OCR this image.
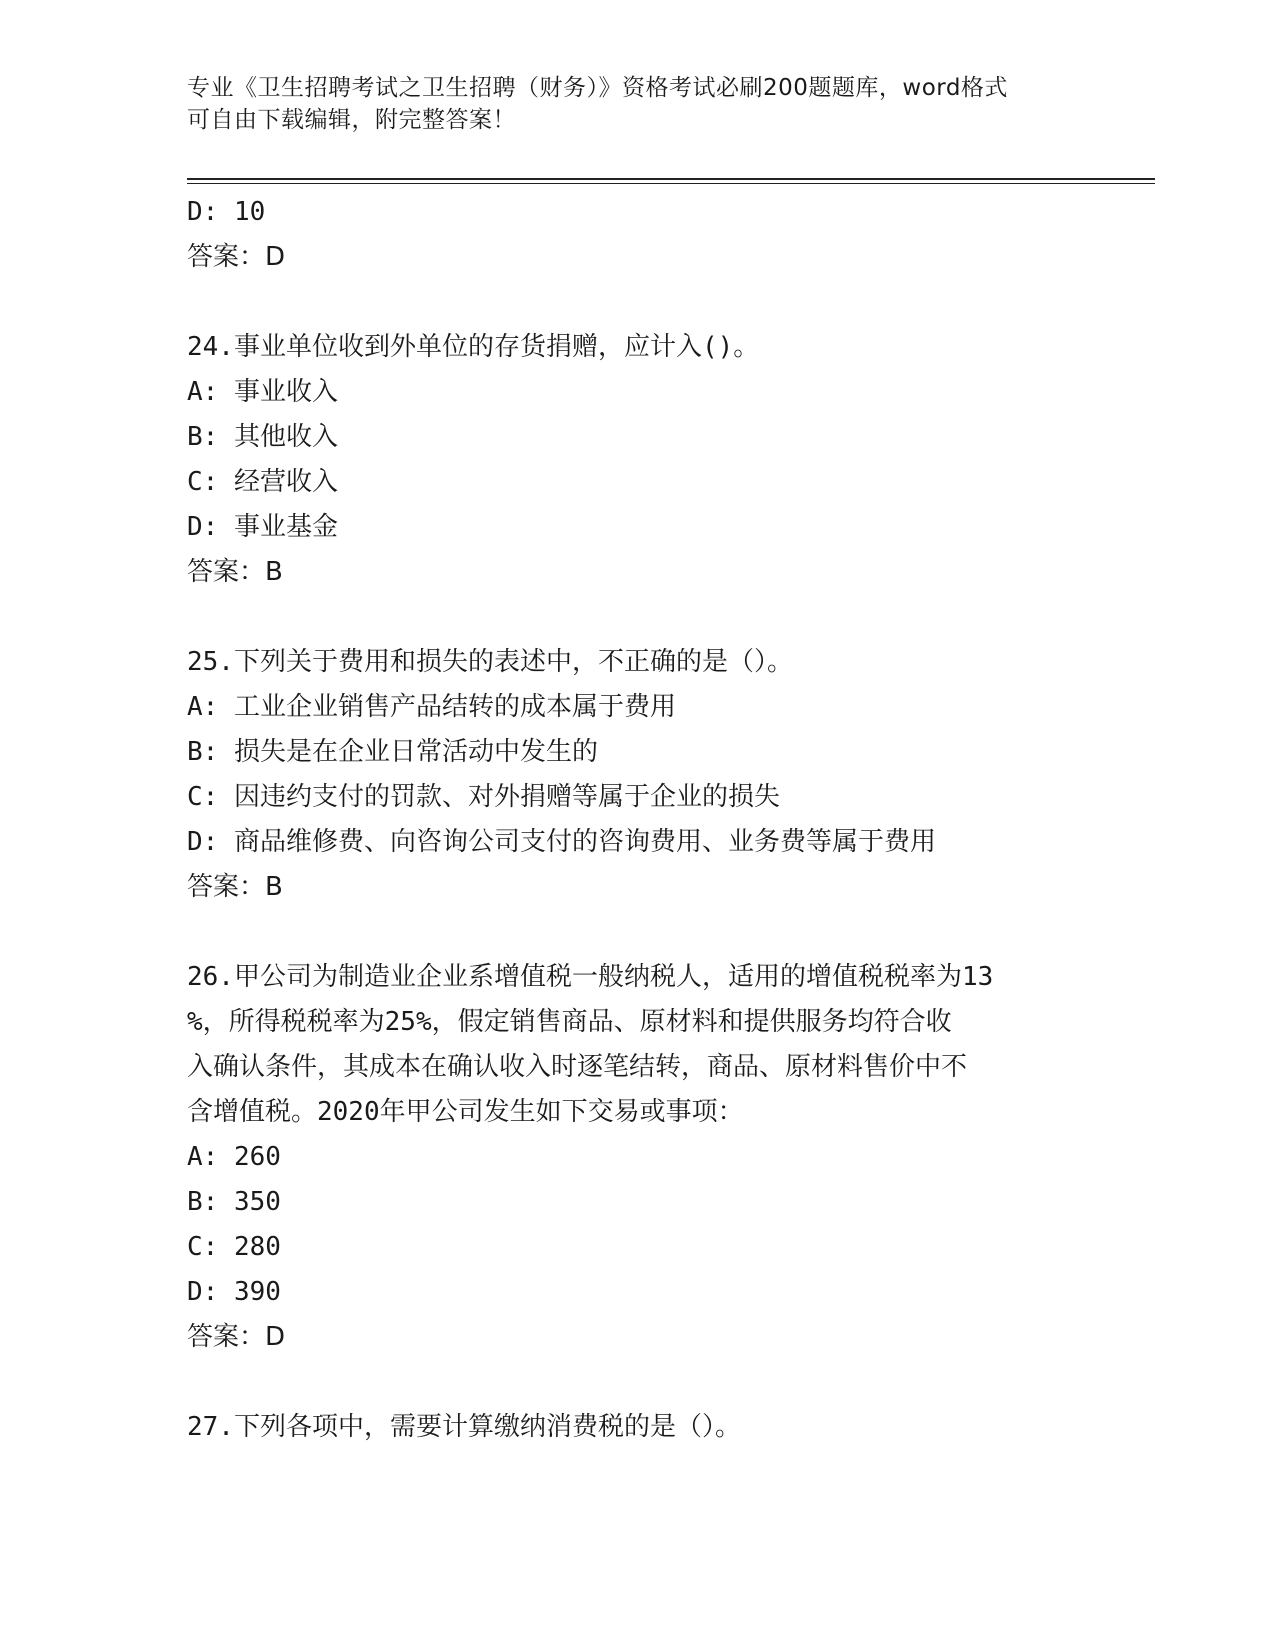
专业《卫生招聘考试之卫生招聘（财务）》资格考试必刷200题题库，word格式
可自由下载编辑，附完整答案！
D: 10
答案：D
24.事业单位收到外单位的存货捐赠，应计入()。
A: 事业收入
B: 其他收入
C: 经营收入
D: 事业基金
答案：B
25.下列关于费用和损失的表述中，不正确的是（）。
A: 工业企业销售产品结转的成本属于费用
B: 损失是在企业日常活动中发生的
C: 因违约支付的罚款、对外捐赠等属于企业的损失
D: 商品维修费、向咨询公司支付的咨询费用、业务费等属于费用
答案：B
26.甲公司为制造业企业系增值税一般纳税人，适用的增值税税率为13
%，所得税税率为25%，假定销售商品、原材料和提供服务均符合收
入确认条件，其成本在确认收入时逐笔结转，商品、原材料售价中不
含增值税。2020年甲公司发生如下交易或事项：
A: 260
B: 350
C: 280
D: 390
答案：D
27.下列各项中，需要计算缴纳消费税的是（）。
